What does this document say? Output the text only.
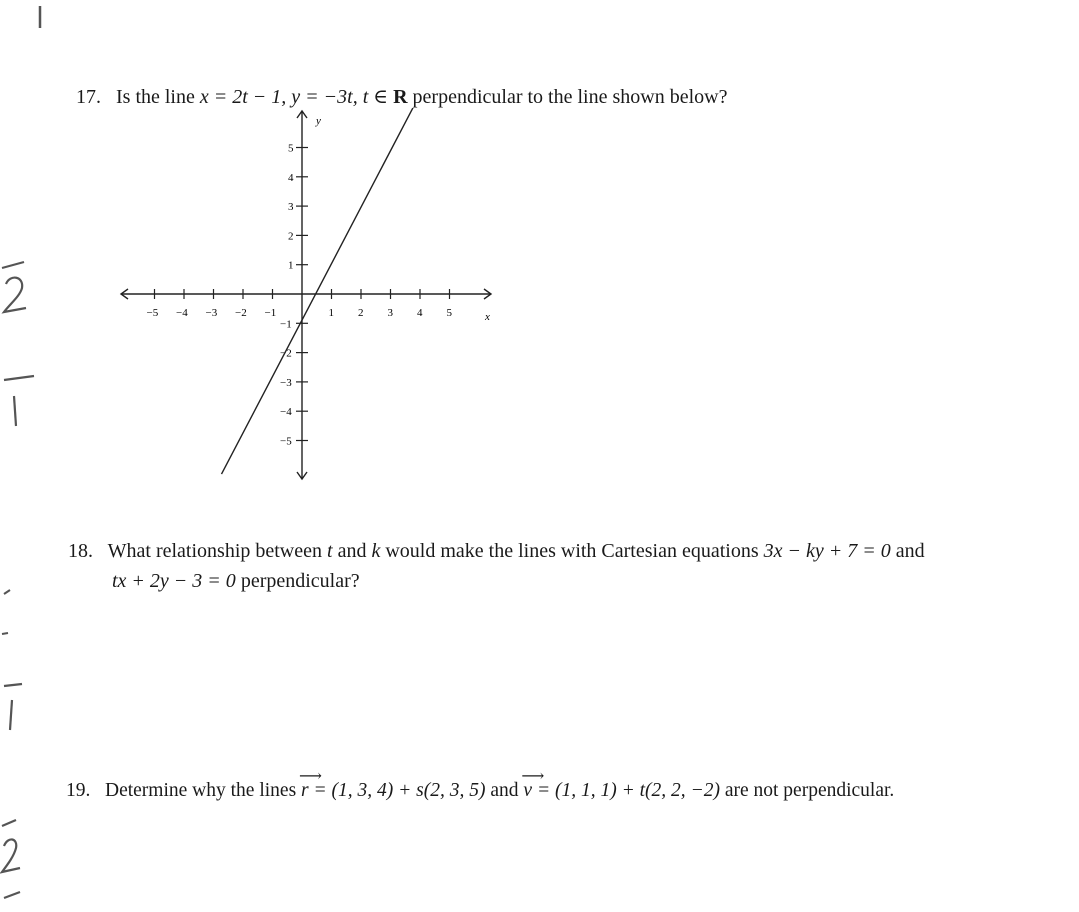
17. Is the line x = 2t − 1, y = −3t, t ∈ R perpendicular to the line shown below?
−5 −4 −3 −2 −1	1 2 3 4 5
5
4
3
2
1
−1
−2
−3
−4
−5
x
y
18. What relationship between t and k would make the lines with Cartesian equations 3x − ky + 7 = 0 and
tx + 2y − 3 = 0 perpendicular?
19. Determine why the lines
⟶
r = (1, 3, 4) + s(2, 3, 5) and
⟶
v = (1, 1, 1) + t(2, 2, −2) are not perpendicular.
